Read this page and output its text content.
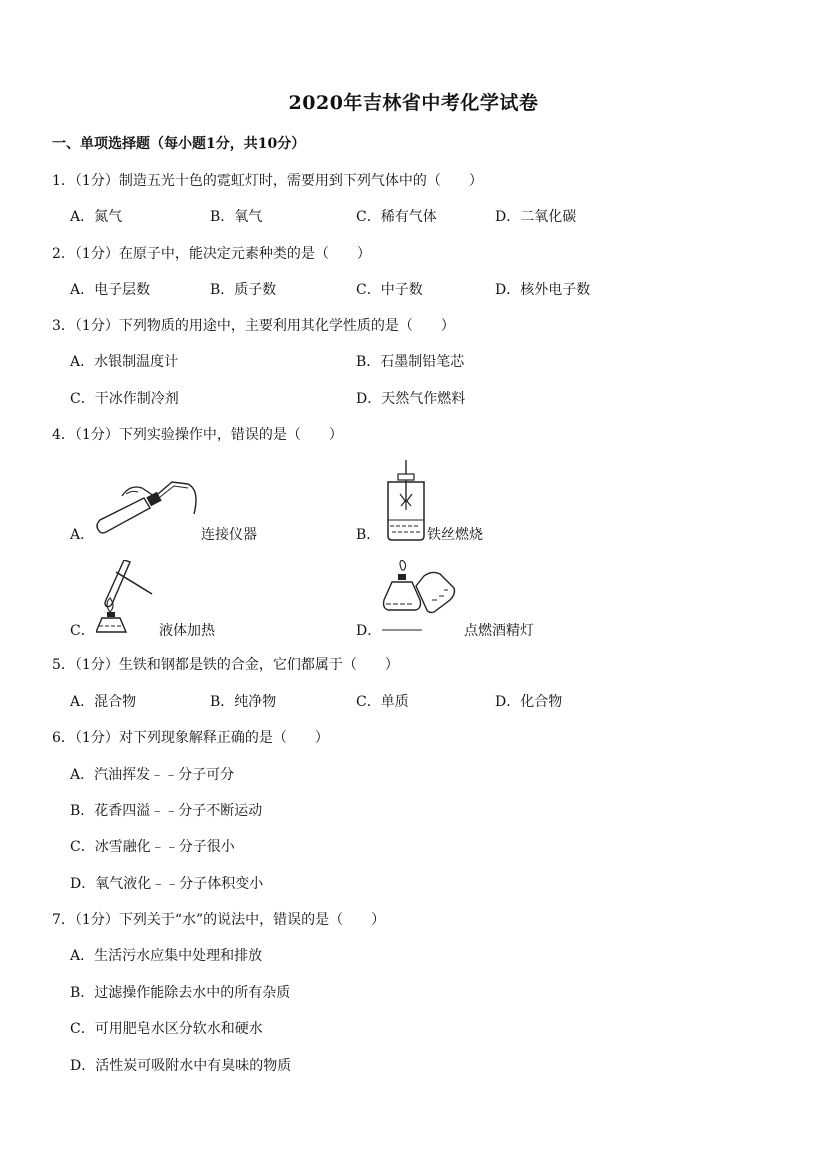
2020年吉林省中考化学试卷
一、单项选择题（每小题1分，共10分）
1．（1分）制造五光十色的霓虹灯时，需要用到下列气体中的（　　）
A．氮气	B．氧气	C．稀有气体	D．二氧化碳
2．（1分）在原子中，能决定元素种类的是（　　）
A．电子层数	B．质子数	C．中子数	D．核外电子数
3．（1分）下列物质的用途中，主要利用其化学性质的是（　　）
A．水银制温度计	B．石墨制铅笔芯
C．干冰作制冷剂	D．天然气作燃料
4．（1分）下列实验操作中，错误的是（　　）
A．	连接仪器	B．	铁丝燃烧
C．	液体加热	D．	点燃酒精灯
5．（1分）生铁和钢都是铁的合金，它们都属于（　　）
A．混合物	B．纯净物	C．单质	D．化合物
6．（1分）对下列现象解释正确的是（　　）
A．汽油挥发﹣﹣分子可分
B．花香四溢﹣﹣分子不断运动
C．冰雪融化﹣﹣分子很小
D．氧气液化﹣﹣分子体积变小
7．（1分）下列关于“水”的说法中，错误的是（　　）
A．生活污水应集中处理和排放
B．过滤操作能除去水中的所有杂质
C．可用肥皂水区分软水和硬水
D．活性炭可吸附水中有臭味的物质
